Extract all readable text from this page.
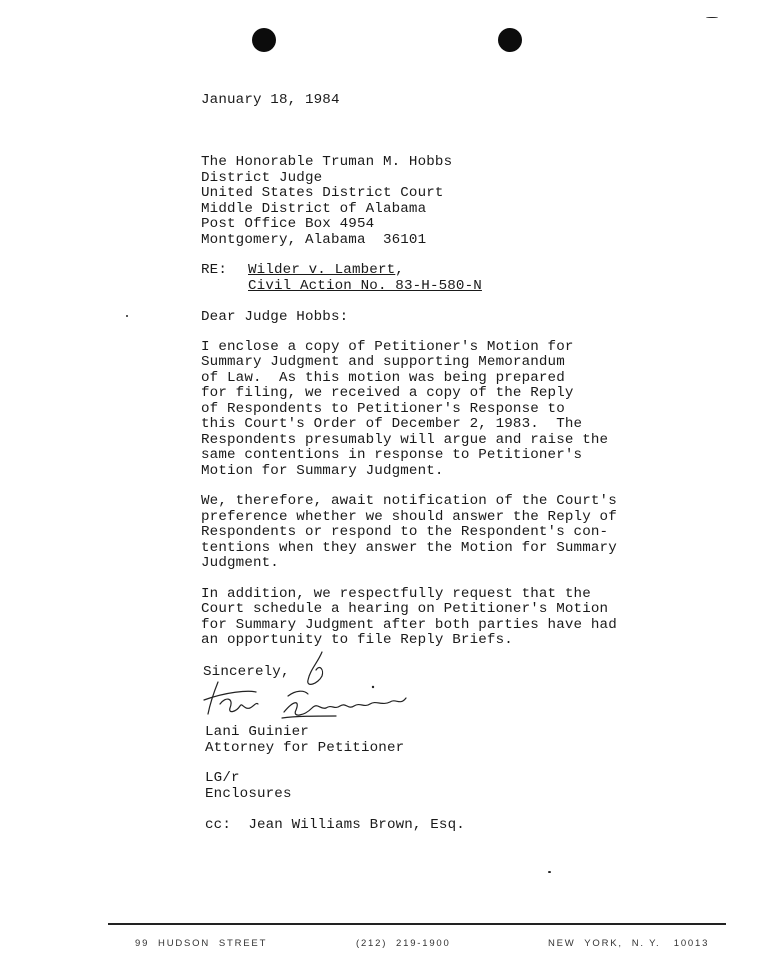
January 18, 1984
The Honorable Truman M. Hobbs
District Judge
United States District Court
Middle District of Alabama
Post Office Box 4954
Montgomery, Alabama  36101
RE: Wilder v. Lambert,
Civil Action No. 83-H-580-N
Dear Judge Hobbs:
I enclose a copy of Petitioner's Motion for
Summary Judgment and supporting Memorandum
of Law.  As this motion was being prepared
for filing, we received a copy of the Reply
of Respondents to Petitioner's Response to
this Court's Order of December 2, 1983.  The
Respondents presumably will argue and raise the
same contentions in response to Petitioner's
Motion for Summary Judgment.
We, therefore, await notification of the Court's
preference whether we should answer the Reply of
Respondents or respond to the Respondent's con-
tentions when they answer the Motion for Summary
Judgment.
In addition, we respectfully request that the
Court schedule a hearing on Petitioner's Motion
for Summary Judgment after both parties have had
an opportunity to file Reply Briefs.
Sincerely,
Lani Guinier
Attorney for Petitioner
LG/r
Enclosures
cc:  Jean Williams Brown, Esq.
99  HUDSON  STREET	(212)  219-1900	NEW  YORK,  N. Y.   10013
